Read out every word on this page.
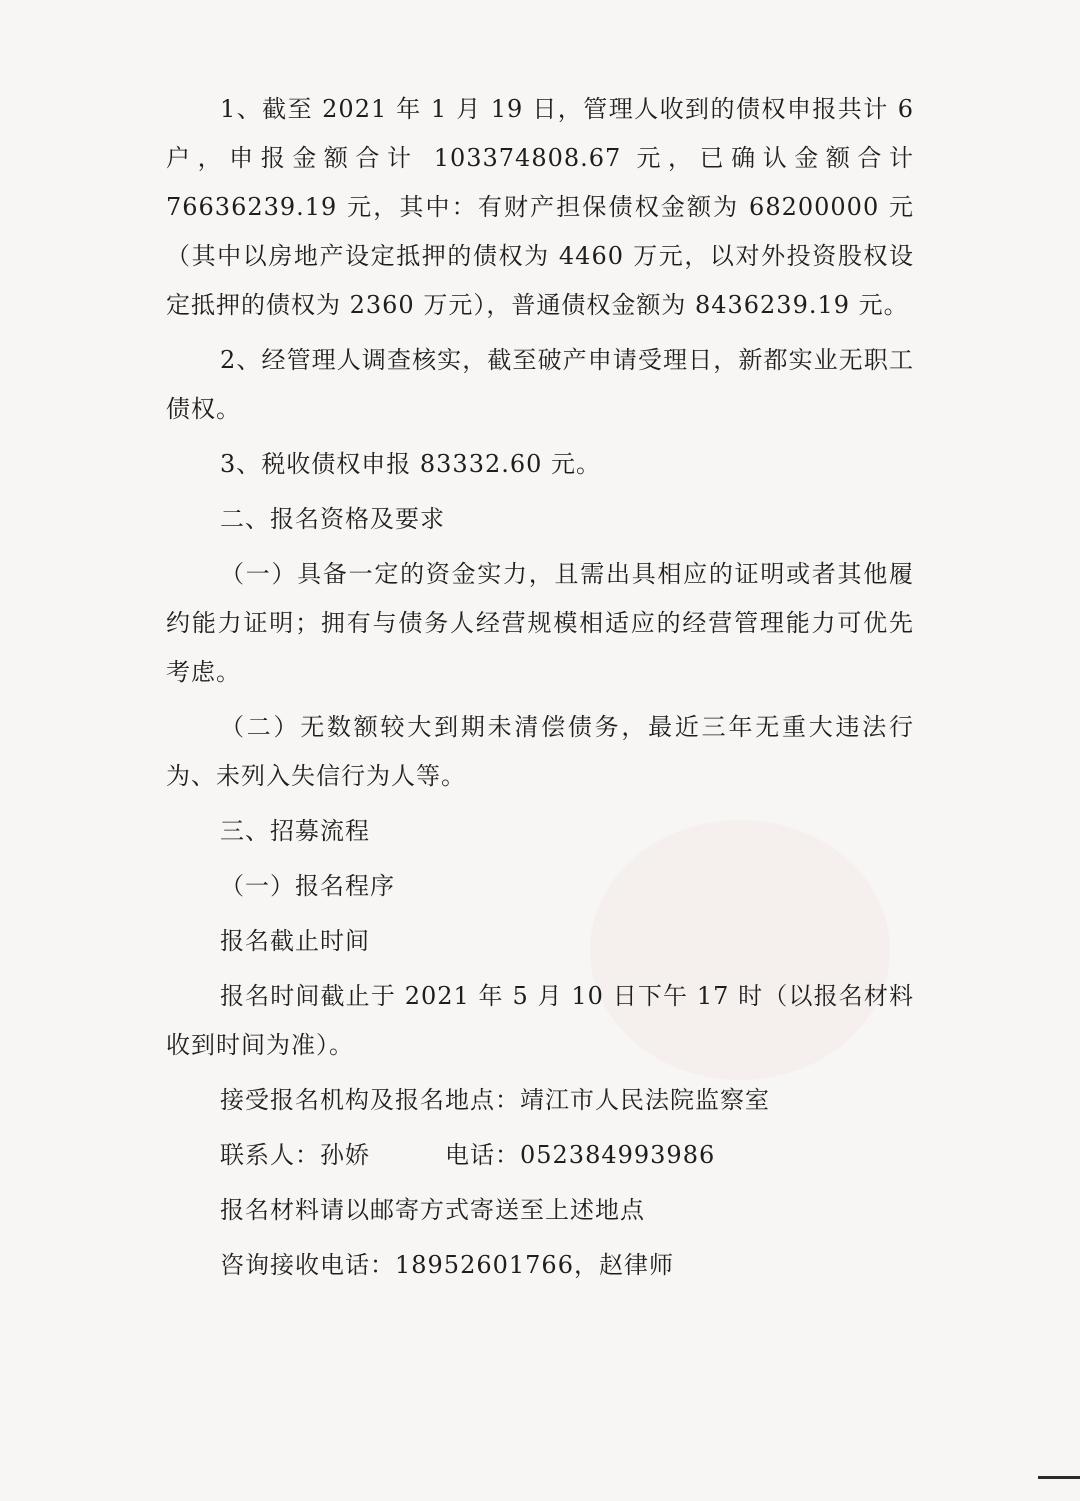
1、截至 2021 年 1 月 19 日，管理人收到的债权申报共计 6 户，申报金额合计 103374808.67 元，已确认金额合计 76636239.19 元，其中：有财产担保债权金额为 68200000 元（其中以房地产设定抵押的债权为 4460 万元，以对外投资股权设定抵押的债权为 2360 万元），普通债权金额为 8436239.19 元。

2、经管理人调查核实，截至破产申请受理日，新都实业无职工债权。

3、税收债权申报 83332.60 元。

二、报名资格及要求

（一）具备一定的资金实力，且需出具相应的证明或者其他履约能力证明；拥有与债务人经营规模相适应的经营管理能力可优先考虑。

（二）无数额较大到期未清偿债务，最近三年无重大违法行为、未列入失信行为人等。

三、招募流程

（一）报名程序

报名截止时间

报名时间截止于 2021 年 5 月 10 日下午 17 时（以报名材料收到时间为准）。

接受报名机构及报名地点：靖江市人民法院监察室

联系人：孙娇　　　电话：052384993986

报名材料请以邮寄方式寄送至上述地点

咨询接收电话：18952601766，赵律师
